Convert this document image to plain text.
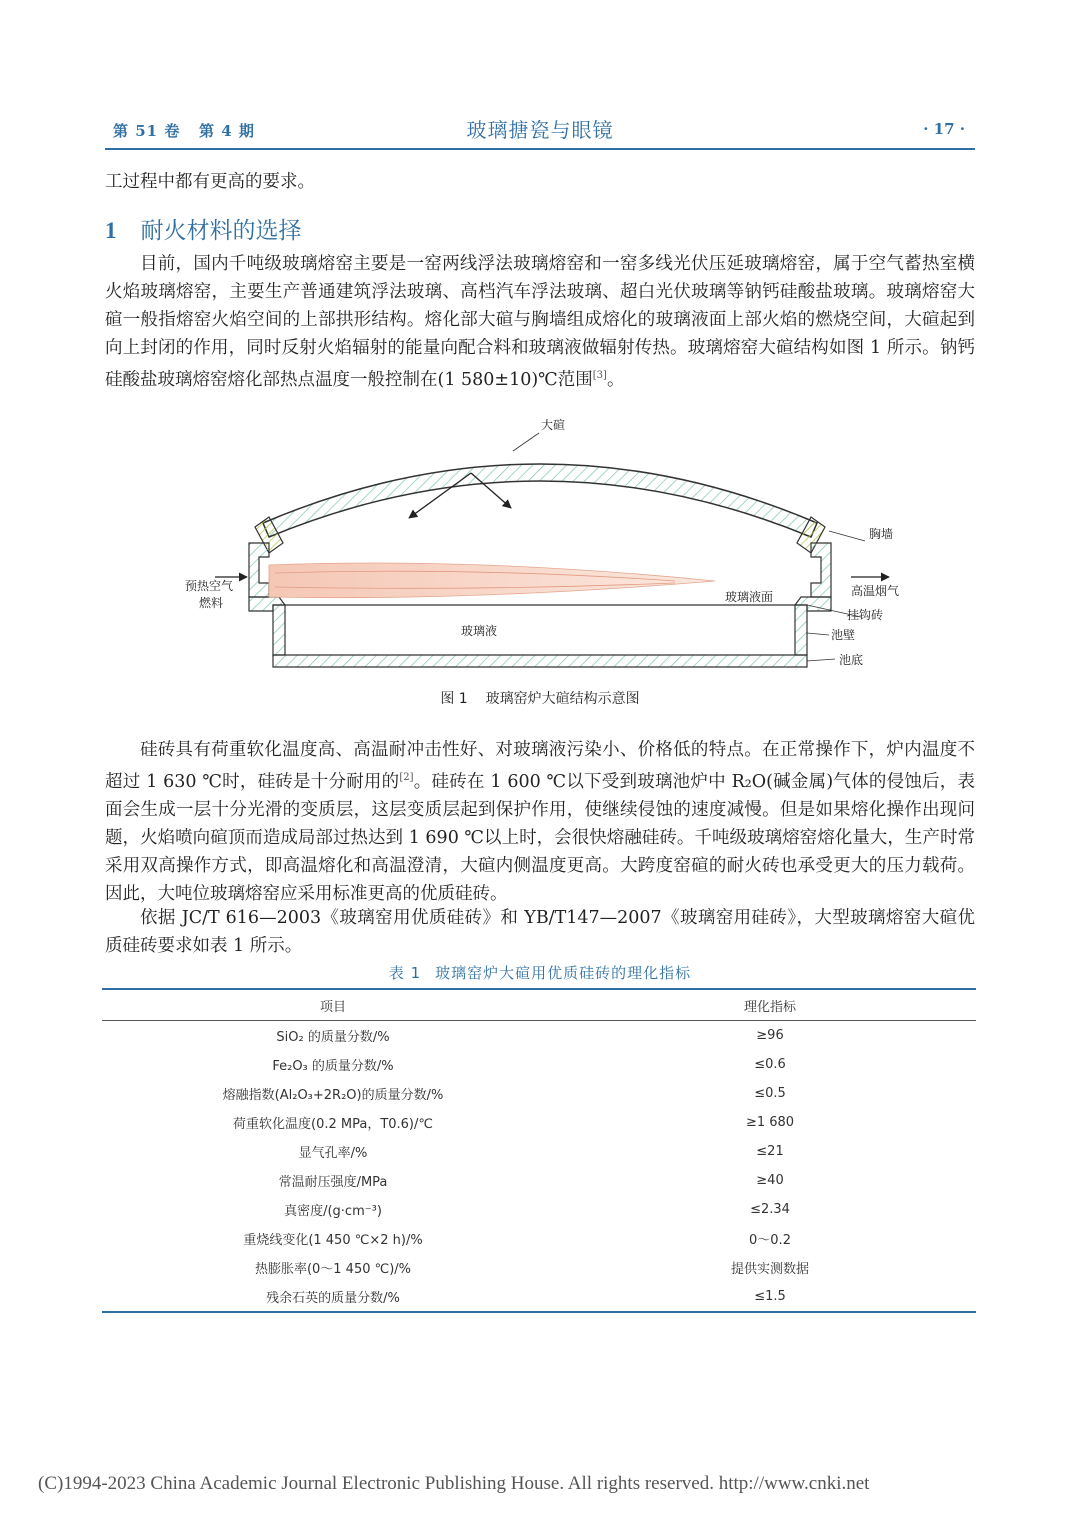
第 51 卷 第 4 期	玻璃搪瓷与眼镜	· 17 ·

工过程中都有更高的要求。

1 耐火材料的选择

目前，国内千吨级玻璃熔窑主要是一窑两线浮法玻璃熔窑和一窑多线光伏压延玻璃熔窑，属于空气蓄热室横火焰玻璃熔窑，主要生产普通建筑浮法玻璃、高档汽车浮法玻璃、超白光伏玻璃等钠钙硅酸盐玻璃。玻璃熔窑大碹一般指熔窑火焰空间的上部拱形结构。熔化部大碹与胸墙组成熔化的玻璃液面上部火焰的燃烧空间，大碹起到向上封闭的作用，同时反射火焰辐射的能量向配合料和玻璃液做辐射传热。玻璃熔窑大碹结构如图 1 所示。钠钙硅酸盐玻璃熔窑熔化部热点温度一般控制在(1 580±10)℃范围[3]。

大碹
胸墙
预热空气
燃料
高温烟气
玻璃液面
挂钩砖
玻璃液	池壁
池底
图 1 玻璃窑炉大碹结构示意图

硅砖具有荷重软化温度高、高温耐冲击性好、对玻璃液污染小、价格低的特点。在正常操作下，炉内温度不超过 1 630 ℃时，硅砖是十分耐用的[2]。硅砖在 1 600 ℃以下受到玻璃池炉中 R₂O(碱金属)气体的侵蚀后，表面会生成一层十分光滑的变质层，这层变质层起到保护作用，使继续侵蚀的速度减慢。但是如果熔化操作出现问题，火焰喷向碹顶而造成局部过热达到 1 690 ℃以上时，会很快熔融硅砖。千吨级玻璃熔窑熔化量大，生产时常采用双高操作方式，即高温熔化和高温澄清，大碹内侧温度更高。大跨度窑碹的耐火砖也承受更大的压力载荷。因此，大吨位玻璃熔窑应采用标准更高的优质硅砖。

依据 JC/T 616—2003《玻璃窑用优质硅砖》和 YB/T147—2007《玻璃窑用硅砖》，大型玻璃熔窑大碹优质硅砖要求如表 1 所示。

表 1 玻璃窑炉大碹用优质硅砖的理化指标
项目	理化指标
SiO₂ 的质量分数/%	≥96
Fe₂O₃ 的质量分数/%	≤0.6
熔融指数(Al₂O₃+2R₂O)的质量分数/%	≤0.5
荷重软化温度(0.2 MPa，T0.6)/℃	≥1 680
显气孔率/%	≤21
常温耐压强度/MPa	≥40
真密度/(g·cm⁻³)	≤2.34
重烧线变化(1 450 ℃×2 h)/%	0～0.2
热膨胀率(0～1 450 ℃)/%	提供实测数据
残余石英的质量分数/%	≤1.5
(C)1994-2023 China Academic Journal Electronic Publishing House. All rights reserved. http://www.cnki.net
